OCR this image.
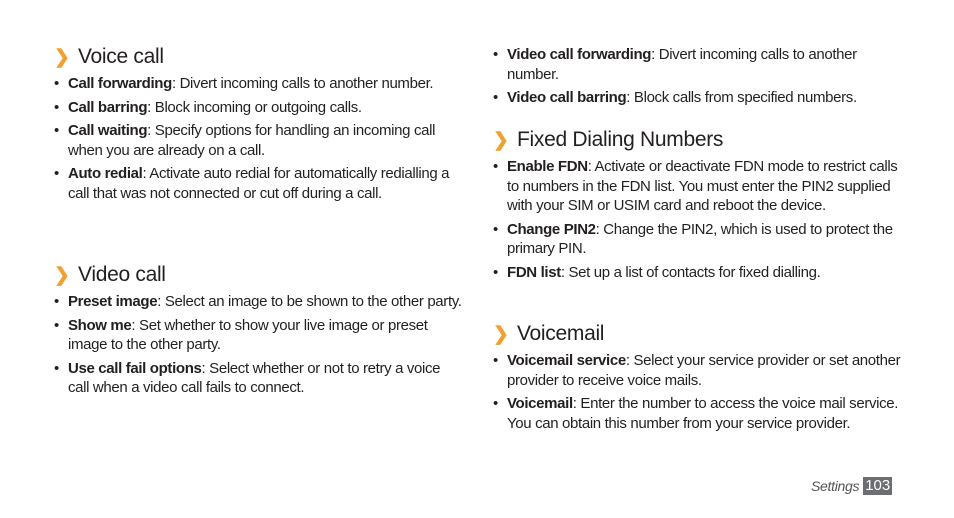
❯ Voice call
• Call forwarding: Divert incoming calls to another number.
• Call barring: Block incoming or outgoing calls.
• Call waiting: Specify options for handling an incoming call when you are already on a call.
• Auto redial: Activate auto redial for automatically redialling a call that was not connected or cut off during a call.
❯ Video call
• Preset image: Select an image to be shown to the other party.
• Show me: Set whether to show your live image or preset image to the other party.
• Use call fail options: Select whether or not to retry a voice call when a video call fails to connect.
• Video call forwarding: Divert incoming calls to another number.
• Video call barring: Block calls from specified numbers.
❯ Fixed Dialing Numbers
• Enable FDN: Activate or deactivate FDN mode to restrict calls to numbers in the FDN list. You must enter the PIN2 supplied with your SIM or USIM card and reboot the device.
• Change PIN2: Change the PIN2, which is used to protect the primary PIN.
• FDN list: Set up a list of contacts for fixed dialling.
❯ Voicemail
• Voicemail service: Select your service provider or set another provider to receive voice mails.
• Voicemail: Enter the number to access the voice mail service. You can obtain this number from your service provider.
Settings 103
